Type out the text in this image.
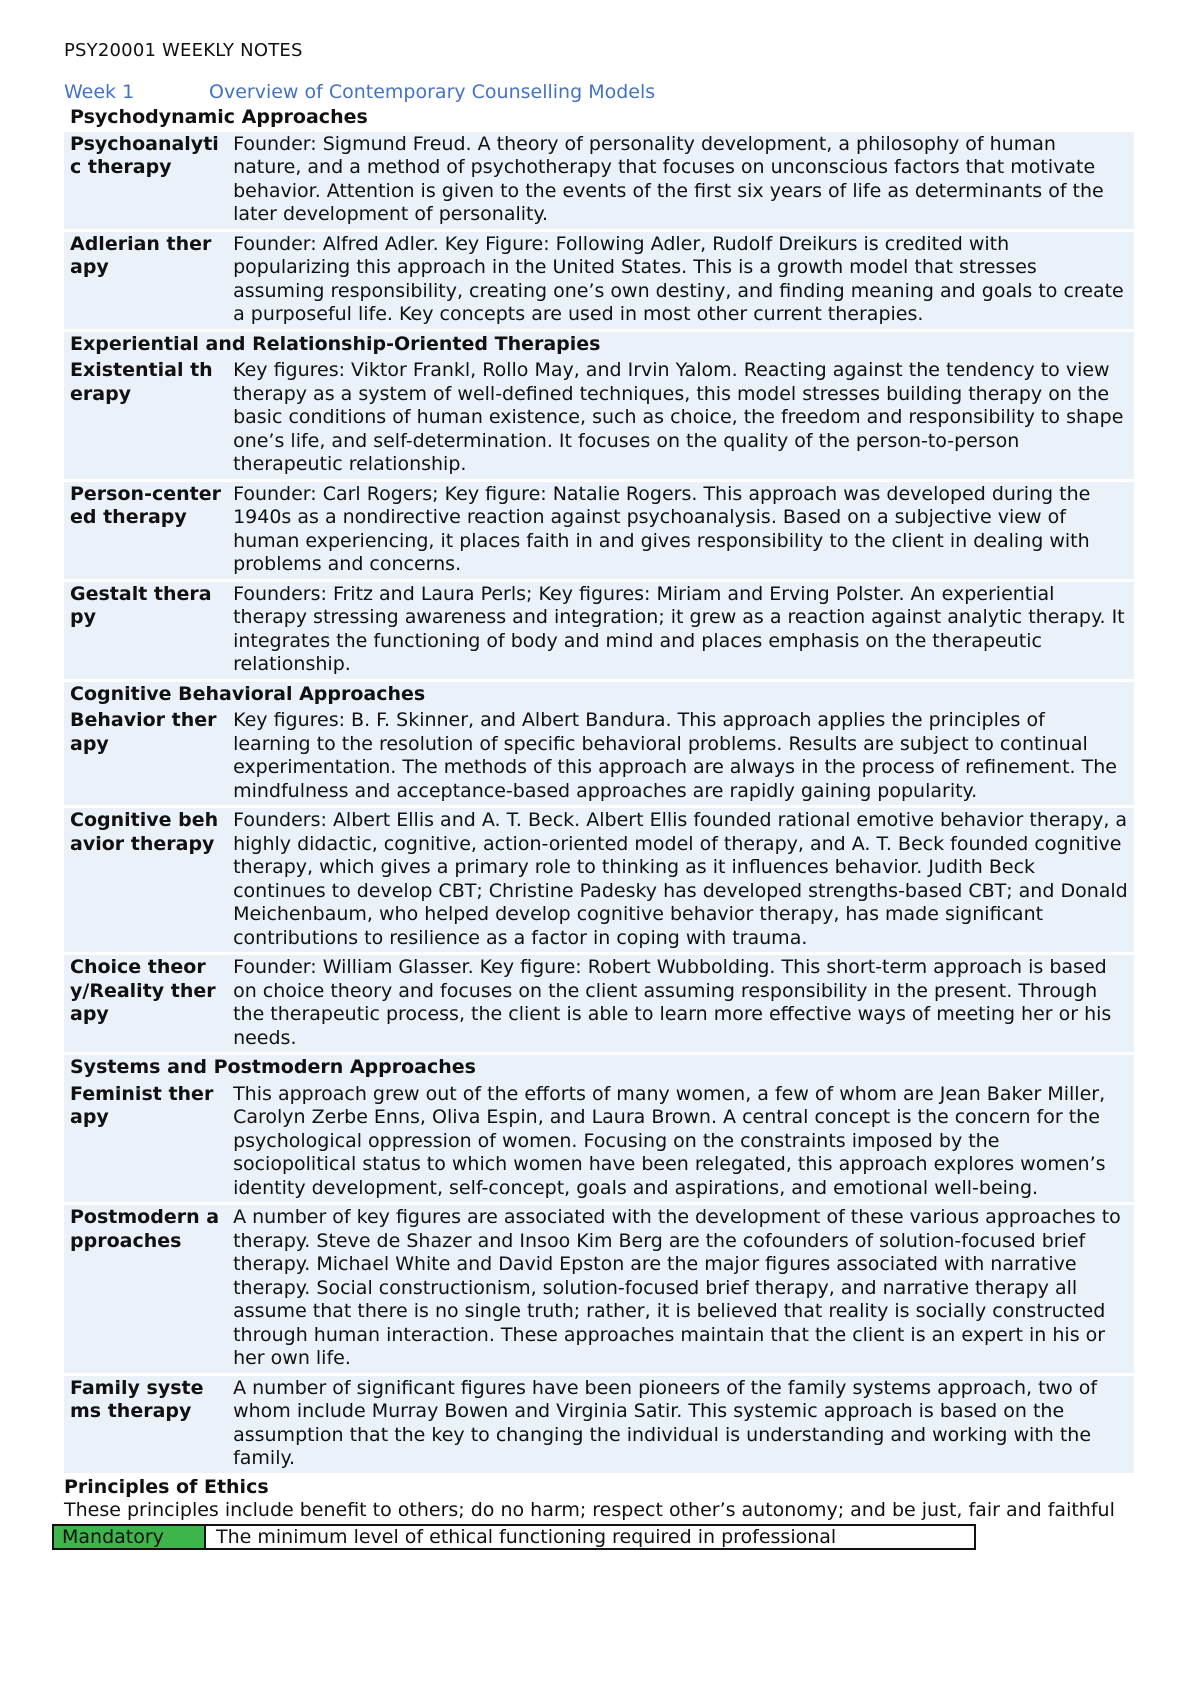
PSY20001 WEEKLY NOTES
Week 1	Overview of Contemporary Counselling Models
Psychodynamic Approaches	
Psychoanalytic therapy	Founder: Sigmund Freud. A theory of personality development, a philosophy of human nature, and a method of psychotherapy that focuses on unconscious factors that motivate behavior. Attention is given to the events of the first six years of life as determinants of the later development of personality.

Adlerian therapy	Founder: Alfred Adler. Key Figure: Following Adler, Rudolf Dreikurs is credited with popularizing this approach in the United States. This is a growth model that stresses assuming responsibility, creating one’s own destiny, and finding meaning and goals to create a purposeful life. Key concepts are used in most other current therapies.

Experiential and Relationship-Oriented Therapies	
Existential therapy	Key figures: Viktor Frankl, Rollo May, and Irvin Yalom. Reacting against the tendency to view therapy as a system of well-defined techniques, this model stresses building therapy on the basic conditions of human existence, such as choice, the freedom and responsibility to shape one’s life, and self-determination. It focuses on the quality of the person-to-person therapeutic relationship.

Person-centered therapy	Founder: Carl Rogers; Key figure: Natalie Rogers. This approach was developed during the 1940s as a nondirective reaction against psychoanalysis. Based on a subjective view of human experiencing, it places faith in and gives responsibility to the client in dealing with problems and concerns.

Gestalt therapy	Founders: Fritz and Laura Perls; Key figures: Miriam and Erving Polster. An experiential therapy stressing awareness and integration; it grew as a reaction against analytic therapy. It integrates the functioning of body and mind and places emphasis on the therapeutic relationship.

Cognitive Behavioral Approaches	
Behavior therapy	Key figures: B. F. Skinner, and Albert Bandura. This approach applies the principles of learning to the resolution of specific behavioral problems. Results are subject to continual experimentation. The methods of this approach are always in the process of refinement. The mindfulness and acceptance-based approaches are rapidly gaining popularity.

Cognitive behavior therapy	Founders: Albert Ellis and A. T. Beck. Albert Ellis founded rational emotive behavior therapy, a highly didactic, cognitive, action-oriented model of therapy, and A. T. Beck founded cognitive therapy, which gives a primary role to thinking as it influences behavior. Judith Beck continues to develop CBT; Christine Padesky has developed strengths-based CBT; and Donald Meichenbaum, who helped develop cognitive behavior therapy, has made significant contributions to resilience as a factor in coping with trauma.

Choice theory/Reality therapy	Founder: William Glasser. Key figure: Robert Wubbolding. This short-term approach is based on choice theory and focuses on the client assuming responsibility in the present. Through the therapeutic process, the client is able to learn more effective ways of meeting her or his needs.

Systems and Postmodern Approaches	
Feminist therapy	This approach grew out of the efforts of many women, a few of whom are Jean Baker Miller, Carolyn Zerbe Enns, Oliva Espin, and Laura Brown. A central concept is the concern for the psychological oppression of women. Focusing on the constraints imposed by the sociopolitical status to which women have been relegated, this approach explores women’s identity development, self-concept, goals and aspirations, and emotional well-being.

Postmodern approaches	A number of key figures are associated with the development of these various approaches to therapy. Steve de Shazer and Insoo Kim Berg are the cofounders of solution-focused brief therapy. Michael White and David Epston are the major figures associated with narrative therapy. Social constructionism, solution-focused brief therapy, and narrative therapy all assume that there is no single truth; rather, it is believed that reality is socially constructed through human interaction. These approaches maintain that the client is an expert in his or her own life.

Family systems therapy	A number of significant figures have been pioneers of the family systems approach, two of whom include Murray Bowen and Virginia Satir. This systemic approach is based on the assumption that the key to changing the individual is understanding and working with the family.

Principles of Ethics

These principles include benefit to others; do no harm; respect other’s autonomy; and be just, fair and faithful

Mandatory	The minimum level of ethical functioning required in professional
